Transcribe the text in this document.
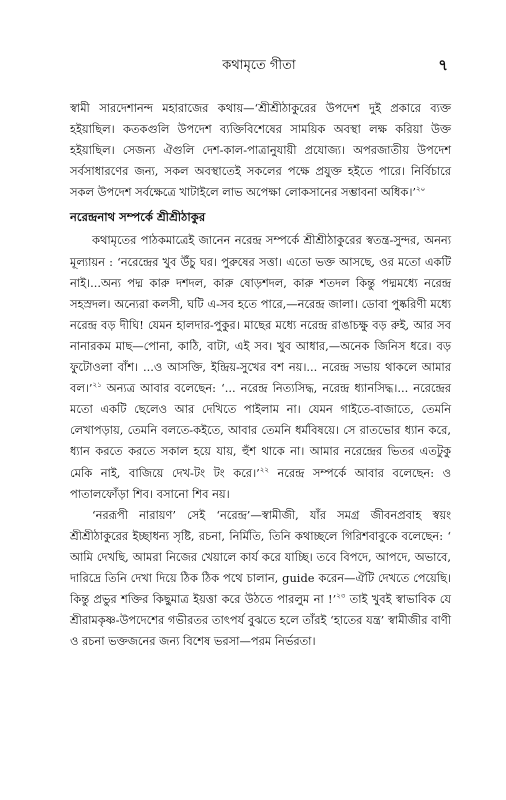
কথামৃতে গীতা	৭

স্বামী সারদেশানন্দ মহারাজের কথায়—‘শ্রীশ্রীঠাকুরের উপদেশ দুই প্রকারে ব্যক্ত হইয়াছিল। কতকগুলি উপদেশ ব্যক্তিবিশেষের সাময়িক অবস্থা লক্ষ করিয়া উক্ত হইয়াছিল। সেজন্য ঐগুলি দেশ-কাল-পাত্রানুযায়ী প্রযোজ্য। অপরজাতীয় উপদেশ সর্বসাধারণের জন্য, সকল অবস্থাতেই সকলের পক্ষে প্রযুক্ত হইতে পারে। নির্বিচারে সকল উপদেশ সর্বক্ষেত্রে খাটাইলে লাভ অপেক্ষা লোকসানের সম্ভাবনা অধিক।’$^{২০}$

নরেন্দ্রনাথ সম্পর্কে শ্রীশ্রীঠাকুর

কথামৃতের পাঠকমাত্রেই জানেন নরেন্দ্র সম্পর্কে শ্রীশ্রীঠাকুরের স্বতন্ত্র-সুন্দর, অনন্য মূল্যায়ন : ‘নরেন্দ্রের খুব উঁচু ঘর। পুরুষের সত্তা। এতো ভক্ত আসছে, ওর মতো একটি নাই।...অন্য পদ্ম কারু দশদল, কারু ষোড়শদল, কারু শতদল কিন্তু পদ্মমধ্যে নরেন্দ্র সহস্রদল। অন্যেরা কলসী, ঘটি এ-সব হতে পারে,—নরেন্দ্র জালা। ডোবা পুষ্করিণী মধ্যে নরেন্দ্র বড় দীঘি! যেমন হালদার-পুকুর। মাছের মধ্যে নরেন্দ্র রাঙাচক্ষু বড় রুই, আর সব নানারকম মাছ—পোনা, কাঠি, বাটা, এই সব। খুব আধার,—অনেক জিনিস ধরে। বড় ফুটোওলা বাঁশ। ...ও আসক্তি, ইন্দ্রিয়-সুখের বশ নয়।... নরেন্দ্র সভায় থাকলে আমার বল।’$^{২১}$ অন্যত্র আবার বলেছেন: ‘... নরেন্দ্র নিত্যসিদ্ধ, নরেন্দ্র ধ্যানসিদ্ধ।... নরেন্দ্রের মতো একটি ছেলেও আর দেখিতে পাইলাম না। যেমন গাইতে-বাজাতে, তেমনি লেখাপড়ায়, তেমনি বলতে-কইতে, আবার তেমনি ধর্মবিষয়ে। সে রাতভোর ধ্যান করে, ধ্যান করতে করতে সকাল হয়ে যায়, হুঁশ থাকে না। আমার নরেন্দ্রের ভিতর এতটুকু মেকি নাই, বাজিয়ে দেখ-টং টং করে।’$^{২২}$ নরেন্দ্র সম্পর্কে আবার বলেছেন: ও পাতালফোঁড়া শিব। বসানো শিব নয়।

‘নররূপী নারায়ণ’ সেই ‘নরেন্দ্র’—স্বামীজী, যাঁর সমগ্র জীবনপ্রবাহ স্বয়ং শ্রীশ্রীঠাকুরের ইচ্ছাধন্য সৃষ্টি, রচনা, নির্মিতি, তিনি কথাচ্ছলে গিরিশবাবুকে বলেছেন: ‘ আমি দেখছি, আমরা নিজের খেয়ালে কার্য করে যাচ্ছি। তবে বিপদে, আপদে, অভাবে, দারিদ্রে তিনি দেখা দিয়ে ঠিক ঠিক পথে চালান, guide করেন—ঐটি দেখতে পেয়েছি। কিন্তু প্রভুর শক্তির কিছুমাত্র ইয়ত্তা করে উঠতে পারলুম না !’$^{২৩}$ তাই খুবই স্বাভাবিক যে শ্রীরামকৃষ্ণ-উপদেশের গভীরতর তাৎপর্য বুঝতে হলে তাঁরই ‘হাতের যন্ত্র’ স্বামীজীর বাণী ও রচনা ভক্তজনের জন্য বিশেষ ভরসা—পরম নির্ভরতা।
